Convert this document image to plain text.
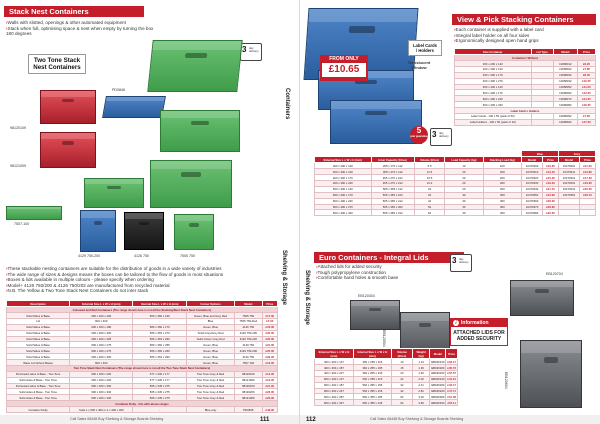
Stack Nest Containers
› Walls with slotted, openings & other automated equipment
› Stack when full, optimising space & nest when empty by turning the box 180 degrees
3 day delivery
Two Tone Stack Nest Containers
PD0846
98120109
98121009
7507-100
4129 750-200	4126 750	7505 750
› These stackable nesting containers are suitable for the distribution of goods in a wide variety of industries
› The wide range of sizes & designs means the boxes can be tailored to the flow of goods in most situations
› Boxes & lids available in multiple colours - please specify when ordering
› Model+ 4126 750/200 & 4126 750/202 are manufactured from recycled material
› N.B. The Yellow & Two Tone Stack Nest Containers do not inter stack	Shelving & Storage
Description	External Size L x W x H (mm)	Internal Size L x W x H (mm)	Colour Options	Model	Price
Coloured and Red Containers (The range shown here is not all the Stacking/Nest Stack Nest Containers)					
Solid Sides & Base	600 x 400 x 200	560 x 360 x 190	Green, Blue and Grey Red	7505 750	£17.00
Lid	600 x 400	-	Blue	7505 750-Red	£7.00
Solid Sides & Base	600 x 400 x 180	580 x 360 x 170	Green, Blue	4126 750	£16.00
Solid Sides & Base	600 x 400 x 300	565 x 363 x 270	Solid Grey/Grey Red	4126 750-200	£20.00
Solid Sides & Base	600 x 400 x 305	565 x 363 x 290	Solid Colour Grey Red	4126 750-202	£25.00
Solid Sides & Base	600 x 400 x 275	580 x 360 x 255	Green, Blue	4129 750	£21.00
Solid Sides & Base	600 x 400 x 275	565 x 365 x 260	Green, Blue	4129 750-200	£25.00
Solid Sides & Base	600 x 400 x 300	565 x 363 x 290	Green, Blue	4126 750	£29.00
Wave Lid without Bases	600 x 400	-	Green, Blue	7507 100	£13.00
Two Tone Stack Nest Containers (The range shown here is not all the Two Tone Stack Nest Containers)					
Perforated sides & Base - Two Tone	600 x 400 x 200	577 x 330 x 177	Two Tone Grey & Red	98120109	£14.00
Solid sides & Base - Two Tone	600 x 400 x 200	577 x 330 x 177	Two Tone Grey & Red	98121009	£13.00
Perforated sides & Base - Two Tone	600 x 400 x 300	565 x 345 x 275	Two Tone Grey & Red	98130109	£21.00
Solid sides & Base - Two Tone	600 x 400 x 300	565 x 345 x 275	Two Tone Grey & Red	98130209	£22.00
Solid sides & Base - Two Tone	600 x 400 x 300	565 x 345 x 275	Two Tone Grey & Red	98131009	£23.00
Container Dolly - Fits with above ranges					
Container Dolly	Suits 1 x 600 x 400 or 2 x 400 x 300	-	Blue only	PD0846	£43.00
Call Sales 08448 Buy Shelving & Storage Boards Shelving	111
View & Pick Stacking Containers
› Each container is supplied with a label card
› Integral label holder on all four sides
› Ergonomically designed open hand grips
FROM ONLY
£10.65
Label Cards / Holders
Translucent Window
5
year guarantee 3 day delivery
Containers
Shelving & Storage
Size Container	Lid Type	Model	Price
Containers Without			
300 x 200 x 120		10068312	£6.20
400 x 300 x 120		10068322	£7.85
400 x 300 x 170		10068332	£8.40
400 x 300 x 270		10068342	£10.25
600 x 400 x 120		10068352	£11.25
600 x 400 x 170		10068362	£12.35
600 x 400 x 220		10068372	£14.25
600 x 400 x 320		10068382	£16.35
Label Cards / Holders			
Label Cards - 100 x 50 (pack of 50)		10068392	£7.00
Label Holders - 100 x 50 (pack of 10)		10068402	£17.00
					Blue		Grey	
External Size L x W x H (mm)	Inner Capacity (litres)	Volume (litres)	Load Capacity (kg)	Stacking Load (kg)	Model	Price	Model	Price
300 x 200 x 120	265 x 170 x 112	5.5	10	100	10470300	£10.65	10470301	£11.20
400 x 300 x 120	365 x 270 x 112	11.5	20	200	10470310	£13.10	10470311	£13.80
400 x 300 x 170	365 x 270 x 162	16.5	20	200	10470320	£15.35	10470321	£17.30
400 x 300 x 220	365 x 270 x 212	21.2	20	200	10470330	£19.00	10470331	£19.95
600 x 400 x 120	565 x 365 x 112	24	20	200	10470340	£21.15	10470341	£22.25
600 x 400 x 170	565 x 365 x 162	34	30	300	10470350	£24.90	10470351	£26.15
600 x 400 x 220	565 x 365 x 212	44	30	300	10470360	£26.30		
600 x 400 x 270	565 x 365 x 262	54	30	300	10470370	£29.95		
600 x 400 x 320	565 x 365 x 312	64	30	300	10470380	£32.35		
Euro Containers - Integral Lids
› Attached lids for added security
› Tough polypropylene construction
› Comfortable hand holes & smooth base
3 day delivery
EB120304
EB120504
EB120704
EB120604
i Information
ATTACHED LIDS FOR ADDED SECURITY
External Size L x W x H (mm)	Internal Size L x W x H (mm)	Volume (litres)	Weight (kg)	Model	Price
400 x 300 x 137	360 x 255 x 115	10	1.13	EB030130	£33.17
400 x 300 x 187	360 x 255 x 165	15	1.36	EB030180	£35.73
400 x 300 x 237	360 x 255 x 215	20	1.60	EB030230	£37.57
600 x 400 x 137	560 x 355 x 115	22	2.02	EB040130	£41.21
600 x 400 x 187	560 x 355 x 165	32	2.41	EB040180	£43.17
600 x 400 x 237	560 x 355 x 215	42	2.81	EB040230	£47.71
600 x 400 x 287	560 x 355 x 265	52	3.20	EB040280	£51.48
600 x 400 x 337	560 x 355 x 315	62	3.60	EB040330	£55.11
Call Sales 08448 Buy Shelving & Storage Boards Shelving
112
